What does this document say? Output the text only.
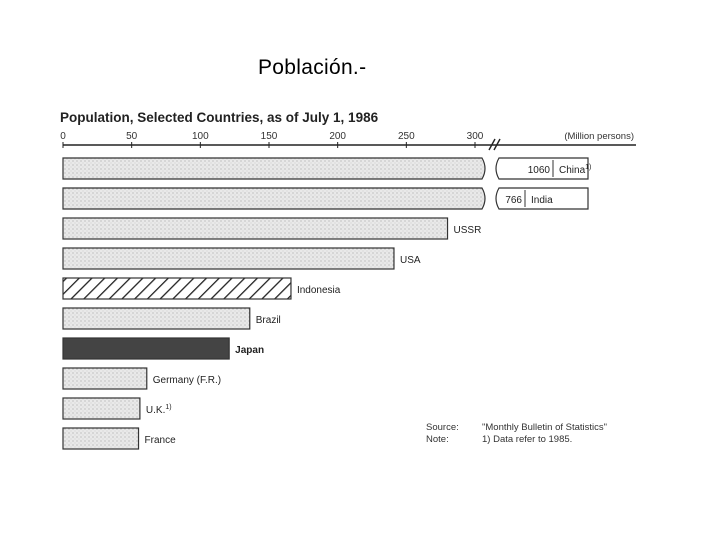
Población.-
Population, Selected Countries, as of July 1, 1986
(Million persons)
0	50	100	150	200	250	300
1060 China$^{1)}$
766 India
USSR
USA
Indonesia
Brazil
Japan
Germany (F.R.)
U.K.$^{1)}$
France
Source: "Monthly Bulletin of Statistics"
Note:	1) Data refer to 1985.
